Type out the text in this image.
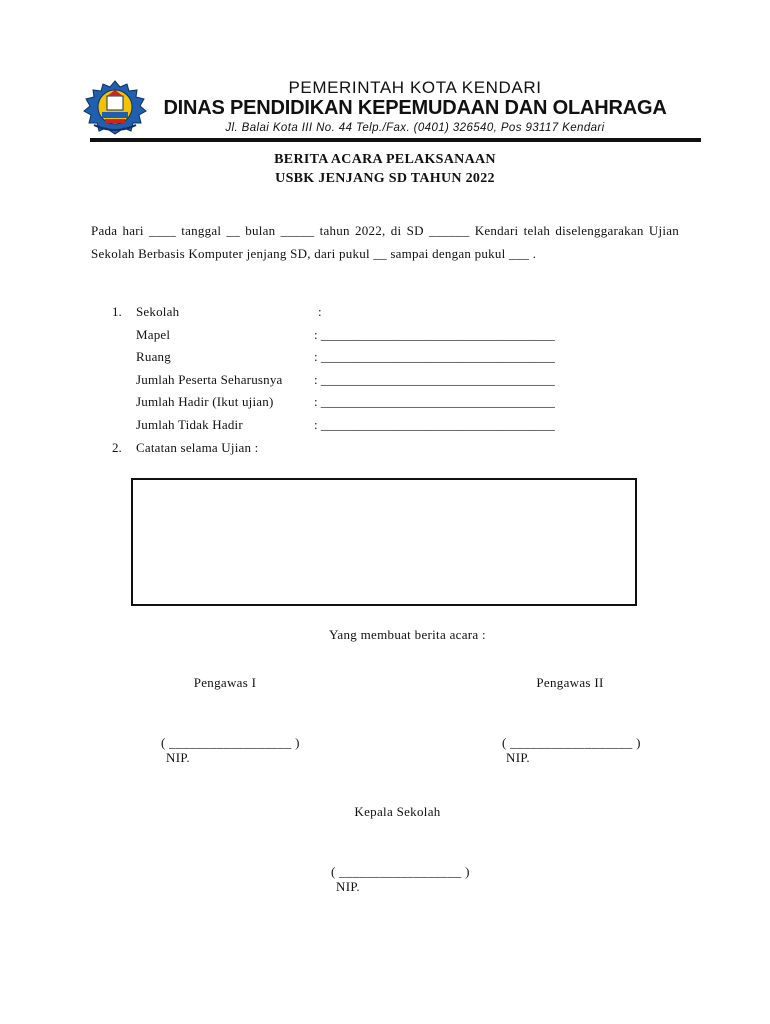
PEMERINTAH KOTA KENDARI
DINAS PENDIDIKAN KEPEMUDAAN DAN OLAHRAGA
Jl. Balai Kota III No. 44 Telp./Fax. (0401) 326540, Pos 93117 Kendari
BERITA ACARA PELAKSANAAN
USBK JENJANG SD TAHUN 2022
Pada hari ____ tanggal __ bulan _____ tahun 2022, di SD ______ Kendari telah diselenggarakan Ujian Sekolah Berbasis Komputer jenjang SD, dari pukul __ sampai dengan pukul ___ .
1. Sekolah	:
Mapel	: ____________________________________
Ruang	: ____________________________________
Jumlah Peserta Seharusnya : ____________________________________
Jumlah Hadir (Ikut ujian)	: ____________________________________
Jumlah Tidak Hadir	: ____________________________________
2. Catatan selama Ujian :
Yang membuat berita acara :
Pengawas I	Pengawas II
( __________________ )
NIP.
( __________________ )
NIP.
Kepala Sekolah
( __________________ )
NIP.
